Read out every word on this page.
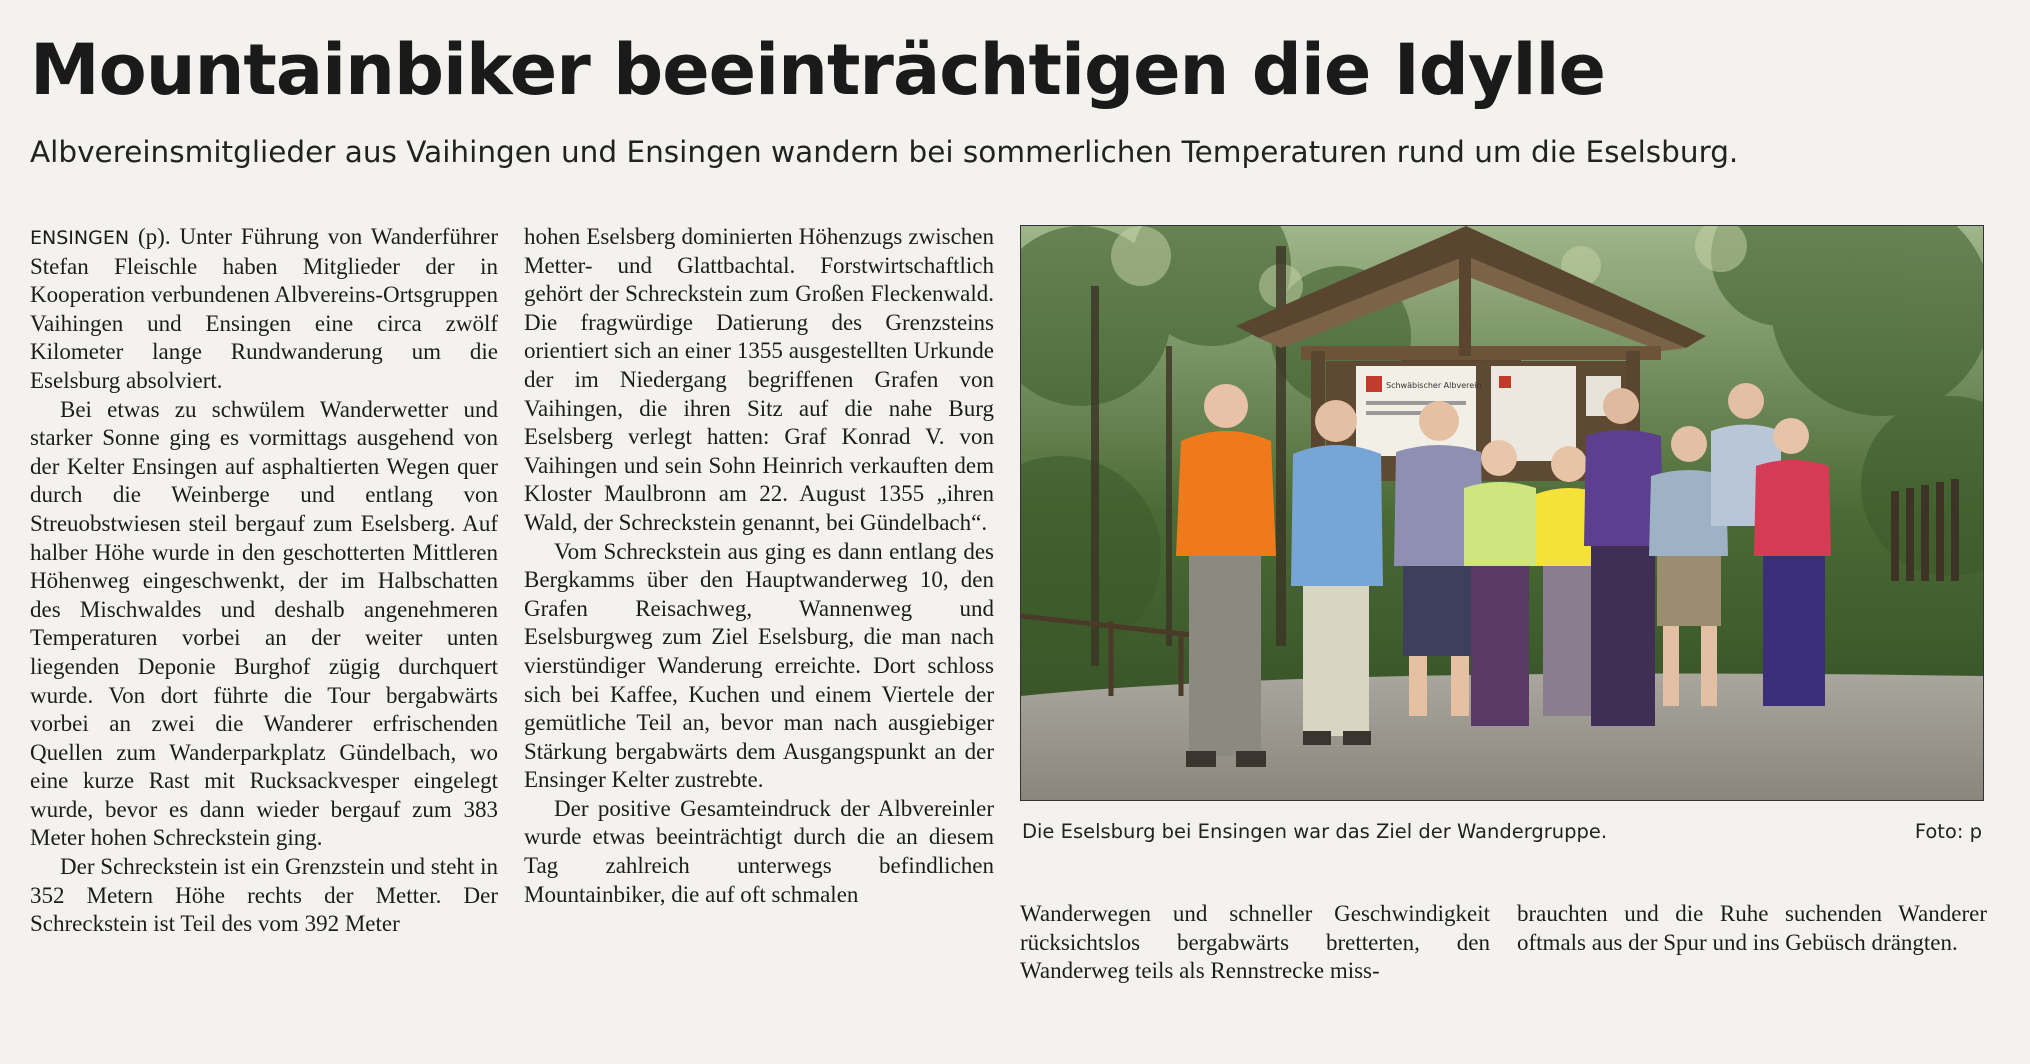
Mountainbiker beeinträchtigen die Idylle

Albvereinsmitglieder aus Vaihingen und Ensingen wandern bei sommerlichen Temperaturen rund um die Eselsburg.

ENSINGEN (p). Unter Führung von Wanderführer Stefan Fleischle haben Mitglieder der in Kooperation verbundenen Albvereins-Ortsgruppen Vaihingen und Ensingen eine circa zwölf Kilometer lange Rundwanderung um die Eselsburg absolviert.

Bei etwas zu schwülem Wanderwetter und starker Sonne ging es vormittags ausgehend von der Kelter Ensingen auf asphaltierten Wegen quer durch die Weinberge und entlang von Streuobstwiesen steil bergauf zum Eselsberg. Auf halber Höhe wurde in den geschotterten Mittleren Höhenweg eingeschwenkt, der im Halbschatten des Mischwaldes und deshalb angenehmeren Temperaturen vorbei an der weiter unten liegenden Deponie Burghof zügig durchquert wurde. Von dort führte die Tour bergabwärts vorbei an zwei die Wanderer erfrischenden Quellen zum Wanderparkplatz Gündelbach, wo eine kurze Rast mit Rucksackvesper eingelegt wurde, bevor es dann wieder bergauf zum 383 Meter hohen Schreckstein ging.

Der Schreckstein ist ein Grenzstein und steht in 352 Metern Höhe rechts der Metter. Der Schreckstein ist Teil des vom 392 Meter

hohen Eselsberg dominierten Höhenzugs zwischen Metter- und Glattbachtal. Forstwirtschaftlich gehört der Schreckstein zum Großen Fleckenwald. Die fragwürdige Datierung des Grenzsteins orientiert sich an einer 1355 ausgestellten Urkunde der im Niedergang begriffenen Grafen von Vaihingen, die ihren Sitz auf die nahe Burg Eselsberg verlegt hatten: Graf Konrad V. von Vaihingen und sein Sohn Heinrich verkauften dem Kloster Maulbronn am 22. August 1355 „ihren Wald, der Schreckstein genannt, bei Gündelbach“.

Vom Schreckstein aus ging es dann entlang des Bergkamms über den Hauptwanderweg 10, den Grafen Reisachweg, Wannenweg und Eselsburgweg zum Ziel Eselsburg, die man nach vierstündiger Wanderung erreichte. Dort schloss sich bei Kaffee, Kuchen und einem Viertele der gemütliche Teil an, bevor man nach ausgiebiger Stärkung bergabwärts dem Ausgangspunkt an der Ensinger Kelter zustrebte.

Der positive Gesamteindruck der Albvereinler wurde etwas beeinträchtigt durch die an diesem Tag zahlreich unterwegs befindlichen Mountainbiker, die auf oft schmalen

Schwäbischer Albverein
Die Eselsburg bei Ensingen war das Ziel der Wandergruppe.	Foto: p

Wanderwegen und schneller Geschwindigkeit rücksichtslos bergabwärts bretterten, den Wanderweg teils als Rennstrecke miss-

brauchten und die Ruhe suchenden Wanderer oftmals aus der Spur und ins Gebüsch drängten.
